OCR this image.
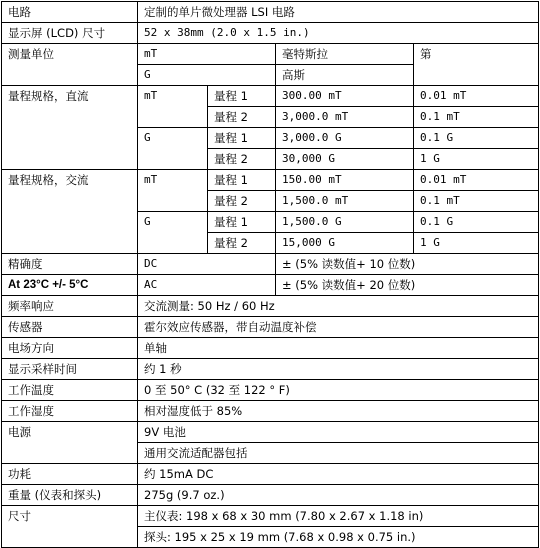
电路	定制的单片微处理器 LSI 电路			
显示屏 (LCD) 尺寸	52 x 38mm (2.0 x 1.5 in.)			
测量单位	mT		毫特斯拉	第
	G		高斯	
量程规格，直流	mT	量程 1	300.00 mT	0.01 mT
		量程 2	3,000.0 mT	0.1 mT
	G	量程 1	3,000.0 G	0.1 G
		量程 2	30,000 G	1 G
量程规格，交流	mT	量程 1	150.00 mT	0.01 mT
		量程 2	1,500.0 mT	0.1 mT
	G	量程 1	1,500.0 G	0.1 G
		量程 2	15,000 G	1 G
精确度	DC		± (5% 读数值+ 10 位数)	
At 23°C +/- 5°C	AC		± (5% 读数值+ 20 位数)	
频率响应	交流测量: 50 Hz / 60 Hz			
传感器	霍尔效应传感器，带自动温度补偿			
电场方向	单轴			
显示采样时间	约 1 秒			
工作温度	0 至 50° C (32 至 122 ° F)			
工作湿度	相对湿度低于 85%			
电源	9V 电池			
	通用交流适配器包括			
功耗	约 15mA DC			
重量 (仪表和探头)	275g (9.7 oz.)			
尺寸	主仪表: 198 x 68 x 30 mm (7.80 x 2.67 x 1.18 in)			
	探头: 195 x 25 x 19 mm (7.68 x 0.98 x 0.75 in.)			
